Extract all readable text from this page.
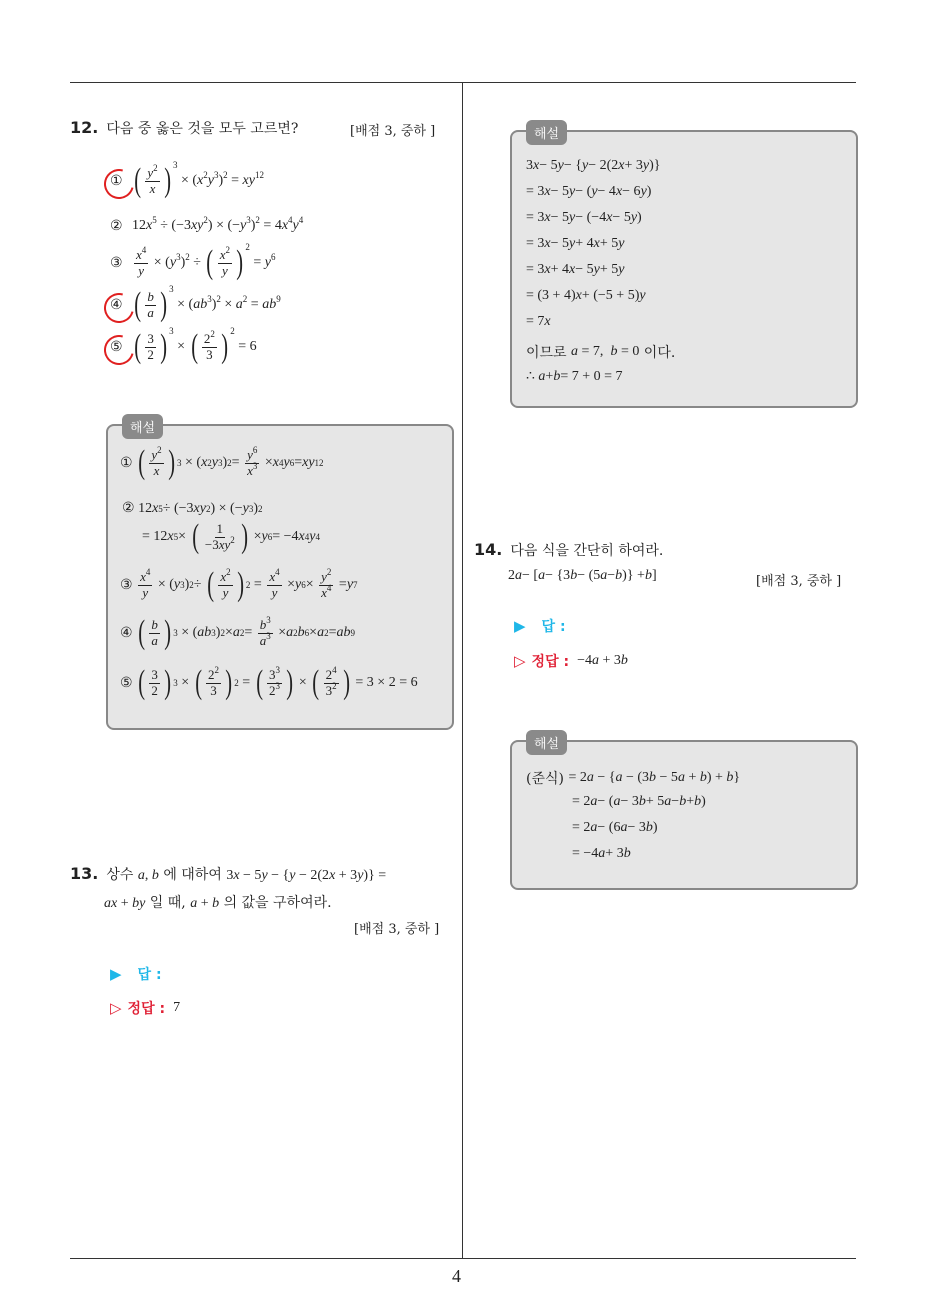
12. 다음 중 옳은 것을 모두 고르면?	[배점 3, 중하 ]
① ( $\frac{y^2}{x}$ ) $^3 \times (x^2y^3)^2 = xy^{12}$
② $12x^5 \div (-3xy^2) \times (-y^3)^2 = 4x^4y^4$
③ $\frac{x^4}{y} \times (y^3)^2$ ÷ ( $\frac{x^2}{y}$ ) $^2 = y^6$
④ ( $\frac{b}{a}$ ) $^3 \times (ab^3)^2 \times a^2 = ab^9$
⑤ ( $\frac{3}{2}$ ) $^3$ × ( $\frac{2^2}{3}$ ) $^2$ = 6
해설
①
( $\frac{y^2}{x}$ ) 3 × ( x 2 y 3 ) $2 = \frac{y^6}{x^3} \times x$ 4 y 6 = xy 12
② 12 x 5 ÷ (−3 xy 2 ) × (− y 3 ) 2
= 12 x 5 × ( $\frac{1}{-3xy^2}$ ) × y 6 = −4 x 4 y 4
③
$\frac{x^4}{y}$ × ( y 3 ) 2 ÷ ( $\frac{x^2}{y}$ ) $2 = \frac{x^4}{y} \times y$ $6 \times \frac{y^2}{x^4} = y$ 7
④
( $\frac{b}{a}$ ) 3 × ( ab 3 ) 2 × a $2 = \frac{b^3}{a^3} \times a$ 2 b 6 × a 2 = ab 9
⑤
( $\frac{3}{2}$ ) 3 × ( $\frac{2^2}{3}$ ) 2 = ( $\frac{3^3}{2^3}$ ) × ( $\frac{2^4}{3^2}$ ) = 3 × 2 = 6
13. 상수
a, b
에 대하여
3x − 5y − {y − 2(2x + 3y)} =
ax + by
일 때,
a + b
의 값을 구하여라.
[배점 3, 중하 ]
▶ 답 :
▷ 정답 : 7
해설
3 x − 5 y − { y − 2(2 x + 3 y )}
= 3 x − 5 y − ( y − 4 x − 6 y )
= 3 x − 5 y − (−4 x − 5 y )
= 3 x − 5 y + 4 x + 5 y
= 3 x + 4 x − 5 y + 5 y
= (3 + 4) x + (−5 + 5) y
= 7 x
이므로
a = 7,  b = 0
이다.
∴ a + b = 7 + 0 = 7
14. 다음 식을 간단히 하여라.
2 a − [ a − {3 b − (5 a − b )} + b ]	[배점 3, 중하 ]
▶ 답 :
▷ 정답 : −4a + 3b
해설
(준식)
= 2a − {a − (3b − 5a + b) + b}
= 2 a − ( a − 3 b + 5 a − b + b )
= 2 a − (6 a − 3 b )
= −4 a + 3 b
4
